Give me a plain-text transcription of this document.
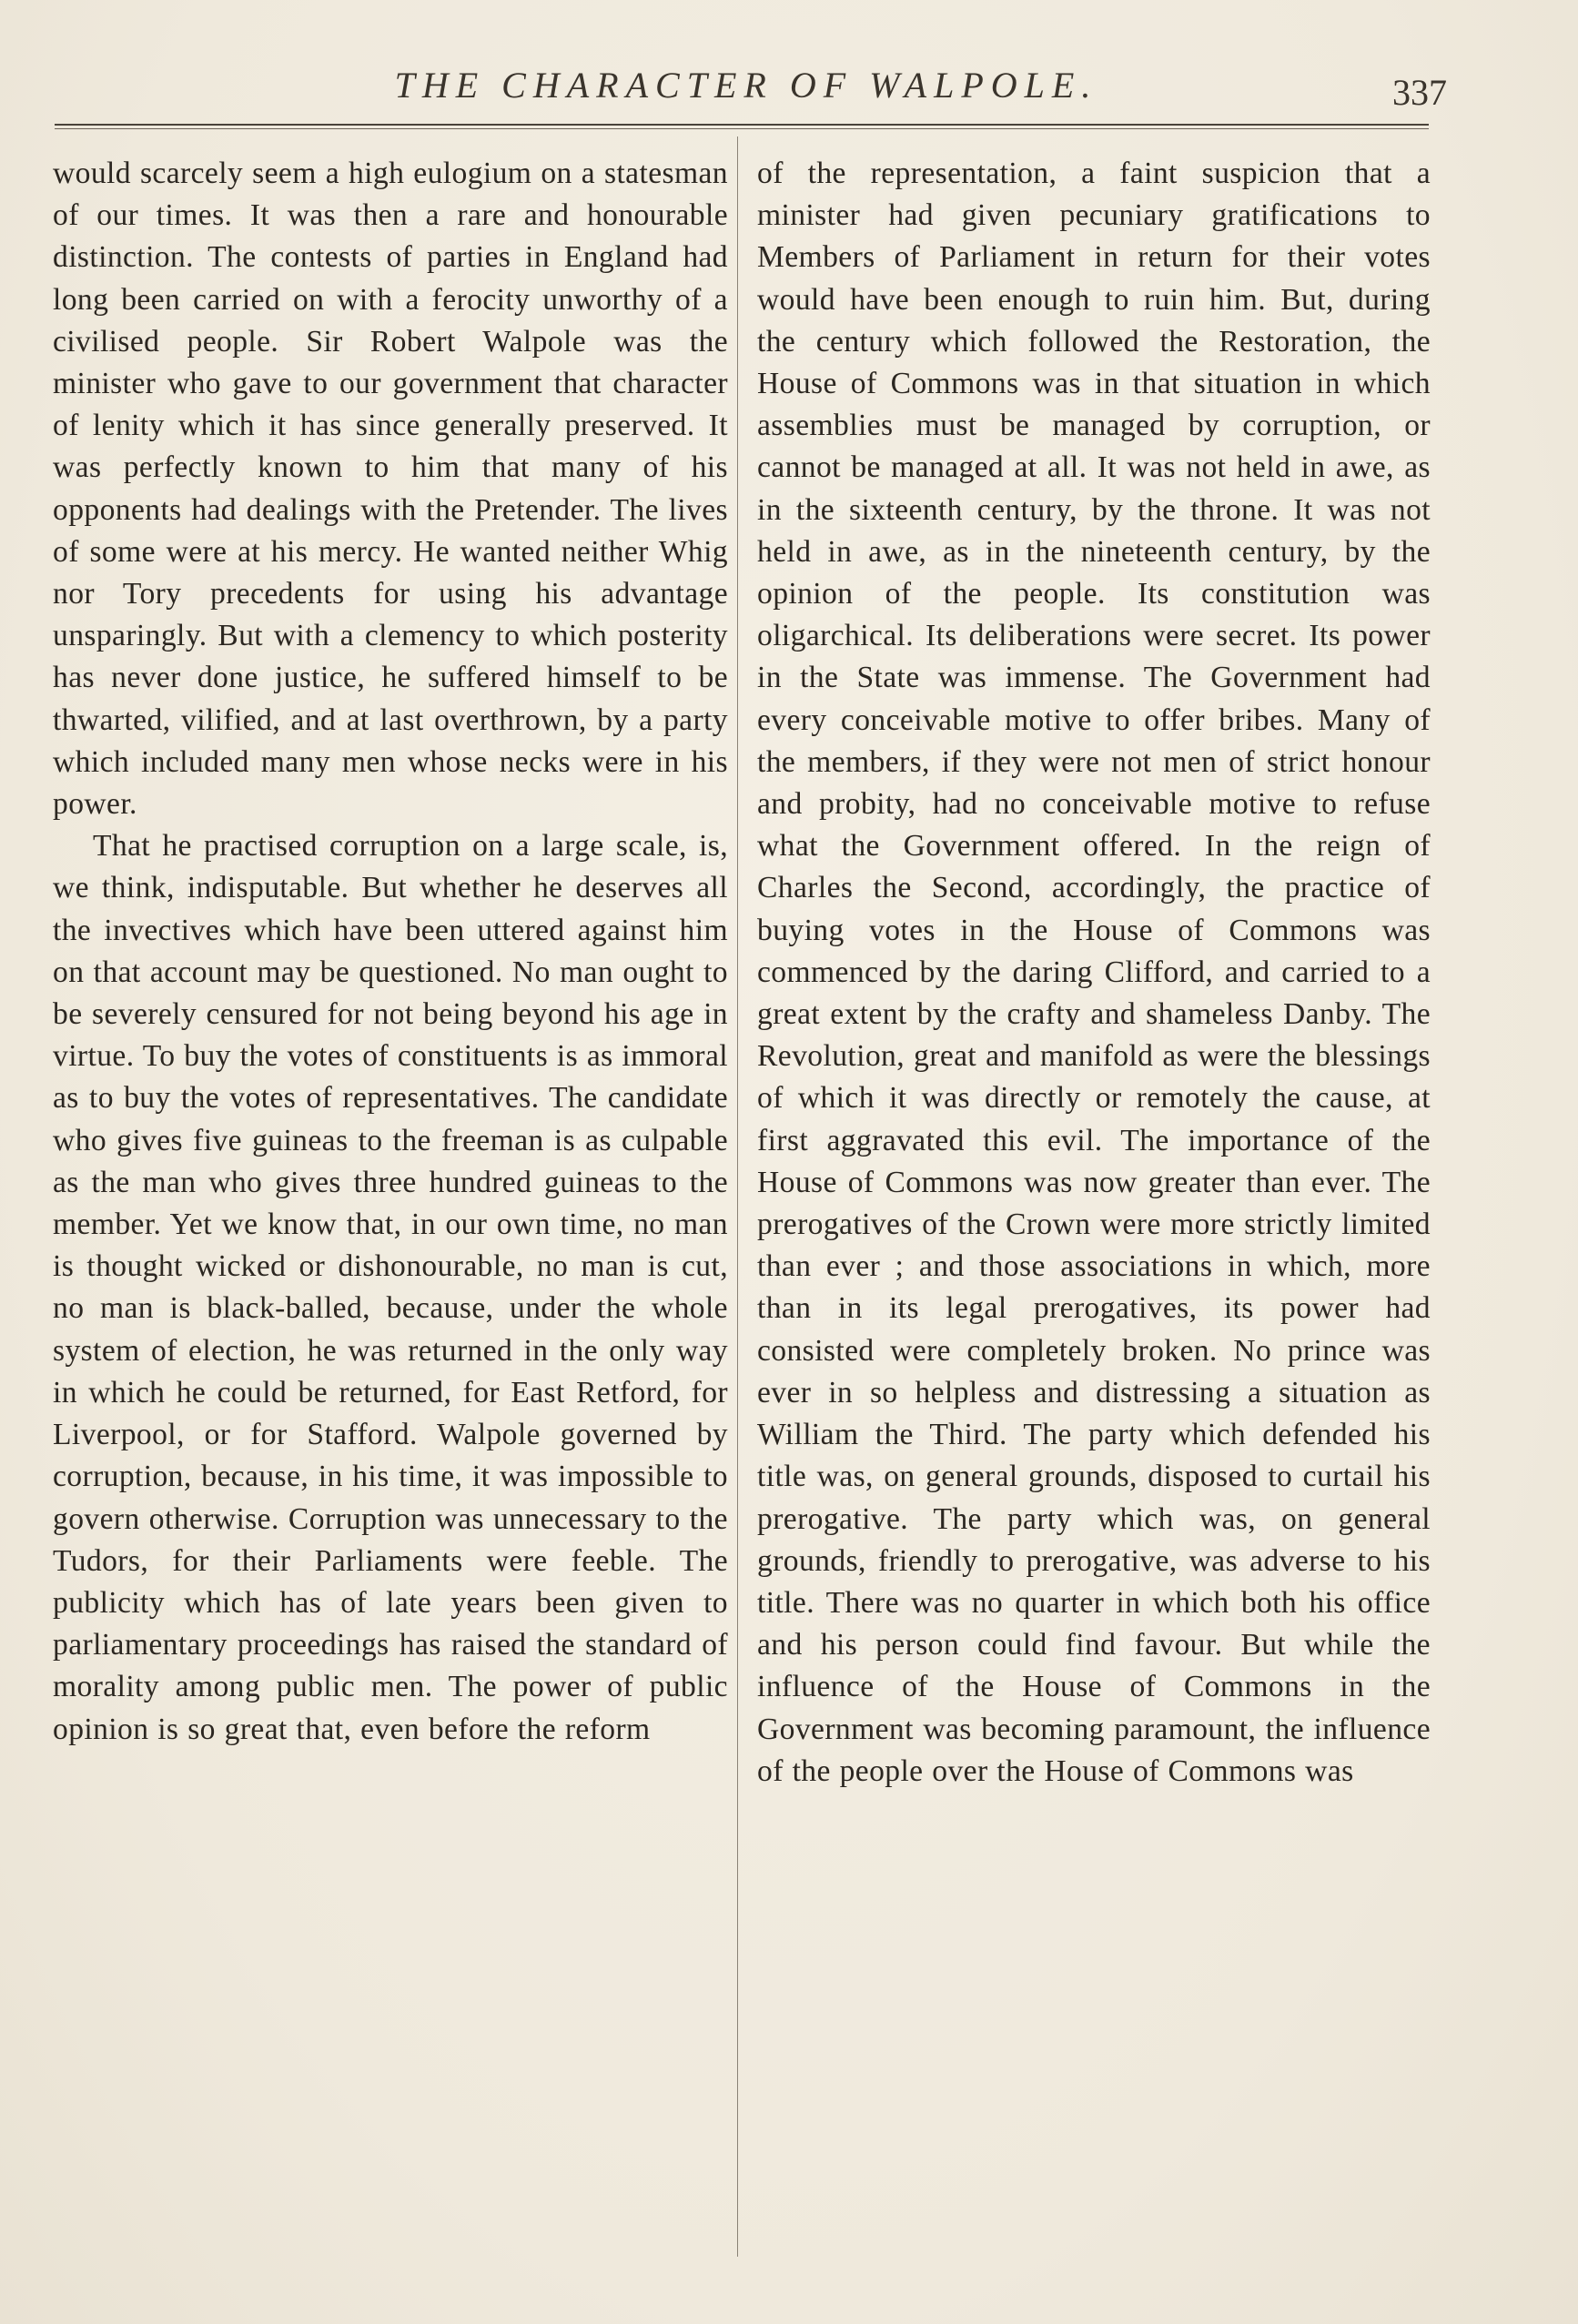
THE CHARACTER OF WALPOLE.	337

would scarcely seem a high eulogium on a statesman of our times. It was then a rare and honourable distinction. The contests of parties in England had long been carried on with a ferocity unworthy of a civilised people. Sir Robert Walpole was the minister who gave to our government that character of lenity which it has since generally preserved. It was perfectly known to him that many of his opponents had dealings with the Pretender. The lives of some were at his mercy. He wanted neither Whig nor Tory precedents for using his advantage unsparingly. But with a clemency to which posterity has never done justice, he suffered himself to be thwarted, vilified, and at last overthrown, by a party which included many men whose necks were in his power.

That he practised corruption on a large scale, is, we think, indisputable. But whether he deserves all the invectives which have been uttered against him on that account may be questioned. No man ought to be severely censured for not being beyond his age in virtue. To buy the votes of constituents is as immoral as to buy the votes of representatives. The candidate who gives five guineas to the freeman is as culpable as the man who gives three hundred guineas to the member. Yet we know that, in our own time, no man is thought wicked or dishonourable, no man is cut, no man is black-balled, because, under the whole system of election, he was returned in the only way in which he could be returned, for East Retford, for Liverpool, or for Stafford. Walpole governed by corruption, because, in his time, it was impossible to govern otherwise. Corruption was unnecessary to the Tudors, for their Parliaments were feeble. The publicity which has of late years been given to parliamentary proceedings has raised the standard of morality among public men. The power of public opinion is so great that, even before the reform

of the representation, a faint suspicion that a minister had given pecuniary gratifications to Members of Parliament in return for their votes would have been enough to ruin him. But, during the century which followed the Restoration, the House of Commons was in that situation in which assemblies must be managed by corruption, or cannot be managed at all. It was not held in awe, as in the sixteenth century, by the throne. It was not held in awe, as in the nineteenth century, by the opinion of the people. Its constitution was oligarchical. Its deliberations were secret. Its power in the State was immense. The Government had every conceivable motive to offer bribes. Many of the members, if they were not men of strict honour and probity, had no conceivable motive to refuse what the Government offered. In the reign of Charles the Second, accordingly, the practice of buying votes in the House of Commons was commenced by the daring Clifford, and carried to a great extent by the crafty and shameless Danby. The Revolution, great and manifold as were the blessings of which it was directly or remotely the cause, at first aggravated this evil. The importance of the House of Commons was now greater than ever. The prerogatives of the Crown were more strictly limited than ever ; and those associations in which, more than in its legal prerogatives, its power had consisted were completely broken. No prince was ever in so helpless and distressing a situation as William the Third. The party which defended his title was, on general grounds, disposed to curtail his prerogative. The party which was, on general grounds, friendly to prerogative, was adverse to his title. There was no quarter in which both his office and his person could find favour. But while the influence of the House of Commons in the Government was becoming paramount, the influence of the people over the House of Commons was
